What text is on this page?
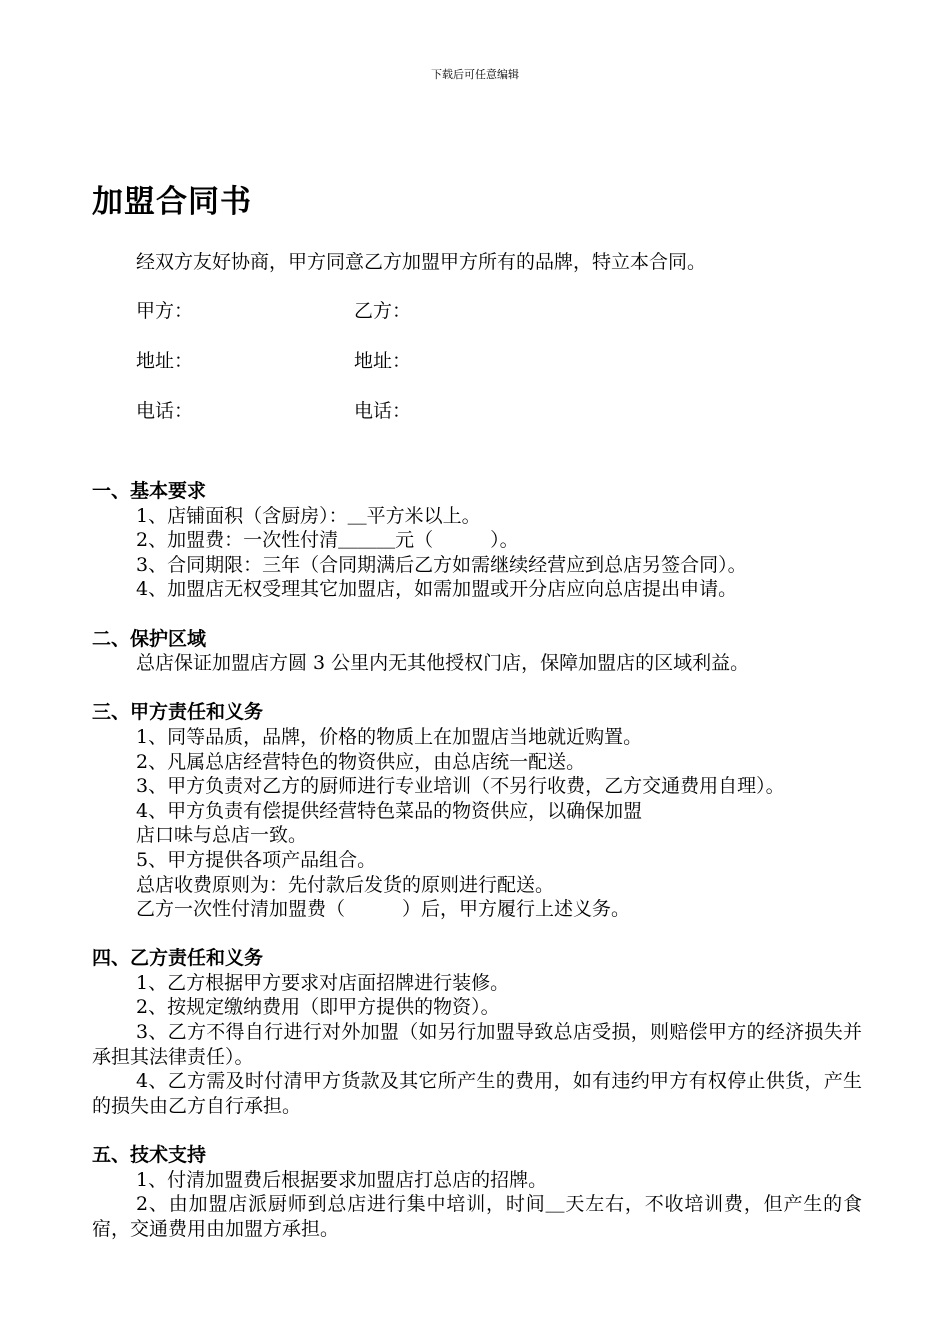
下载后可任意编辑
加盟合同书
经双方友好协商，甲方同意乙方加盟甲方所有的品牌，特立本合同。
甲方：	乙方：
地址：	地址：
电话：	电话：
一、基本要求
1、店铺面积（含厨房）：＿平方米以上。
2、加盟费：一次性付清＿＿＿元（　　　）。
3、合同期限：三年（合同期满后乙方如需继续经营应到总店另签合同）。
4、加盟店无权受理其它加盟店，如需加盟或开分店应向总店提出申请。
二、保护区域
总店保证加盟店方圆 3 公里内无其他授权门店，保障加盟店的区域利益。
三、甲方责任和义务
1、同等品质，品牌，价格的物质上在加盟店当地就近购置。
2、凡属总店经营特色的物资供应，由总店统一配送。
3、甲方负责对乙方的厨师进行专业培训（不另行收费，乙方交通费用自理）。
4、甲方负责有偿提供经营特色菜品的物资供应，以确保加盟
店口味与总店一致。
5、甲方提供各项产品组合。
总店收费原则为：先付款后发货的原则进行配送。
乙方一次性付清加盟费（　　　）后，甲方履行上述义务。
四、乙方责任和义务
1、乙方根据甲方要求对店面招牌进行装修。
2、按规定缴纳费用（即甲方提供的物资）。
3、乙方不得自行进行对外加盟（如另行加盟导致总店受损，则赔偿甲方的经济损失并承担其法律责任）。
4、乙方需及时付清甲方货款及其它所产生的费用，如有违约甲方有权停止供货，产生的损失由乙方自行承担。
五、技术支持
1、付清加盟费后根据要求加盟店打总店的招牌。
2、由加盟店派厨师到总店进行集中培训，时间＿天左右，不收培训费，但产生的食宿，交通费用由加盟方承担。
